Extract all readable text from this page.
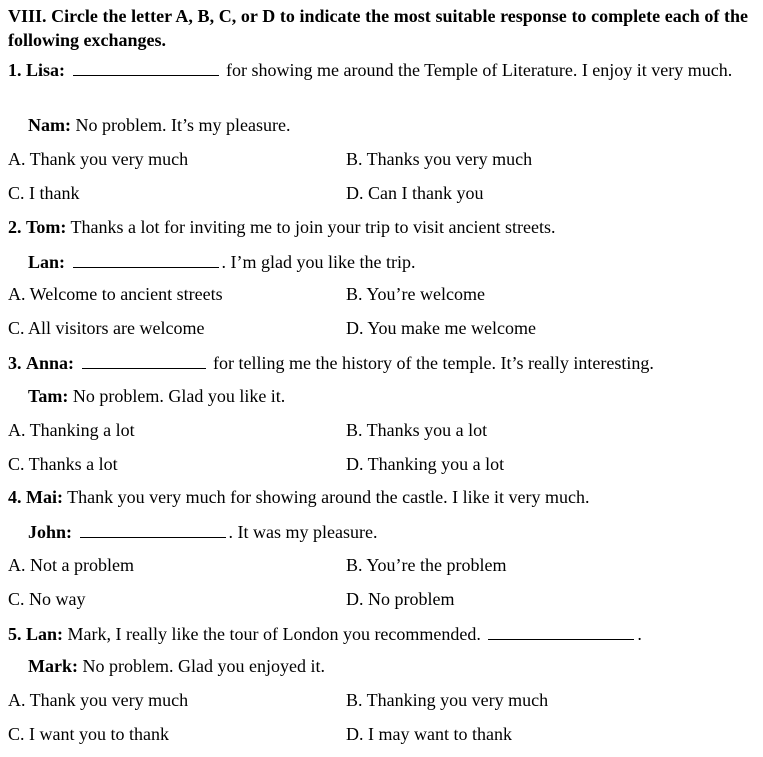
VIII. Circle the letter A, B, C, or D to indicate the most suitable response to complete each of the following exchanges.
1. Lisa:	for showing me around the Temple of Literature. I enjoy it very much.
Nam: No problem. It’s my pleasure.
A. Thank you very much	B. Thanks you very much
C. I thank	D. Can I thank you
2. Tom: Thanks a lot for inviting me to join your trip to visit ancient streets.
Lan:	. I’m glad you like the trip.
A. Welcome to ancient streets	B. You’re welcome
C. All visitors are welcome	D. You make me welcome
3. Anna:	for telling me the history of the temple. It’s really interesting.
Tam: No problem. Glad you like it.
A. Thanking a lot	B. Thanks you a lot
C. Thanks a lot	D. Thanking you a lot
4. Mai: Thank you very much for showing around the castle. I like it very much.
John:	. It was my pleasure.
A. Not a problem	B. You’re the problem
C. No way	D. No problem
5. Lan: Mark, I really like the tour of London you recommended.	.
Mark: No problem. Glad you enjoyed it.
A. Thank you very much	B. Thanking you very much
C. I want you to thank	D. I may want to thank
